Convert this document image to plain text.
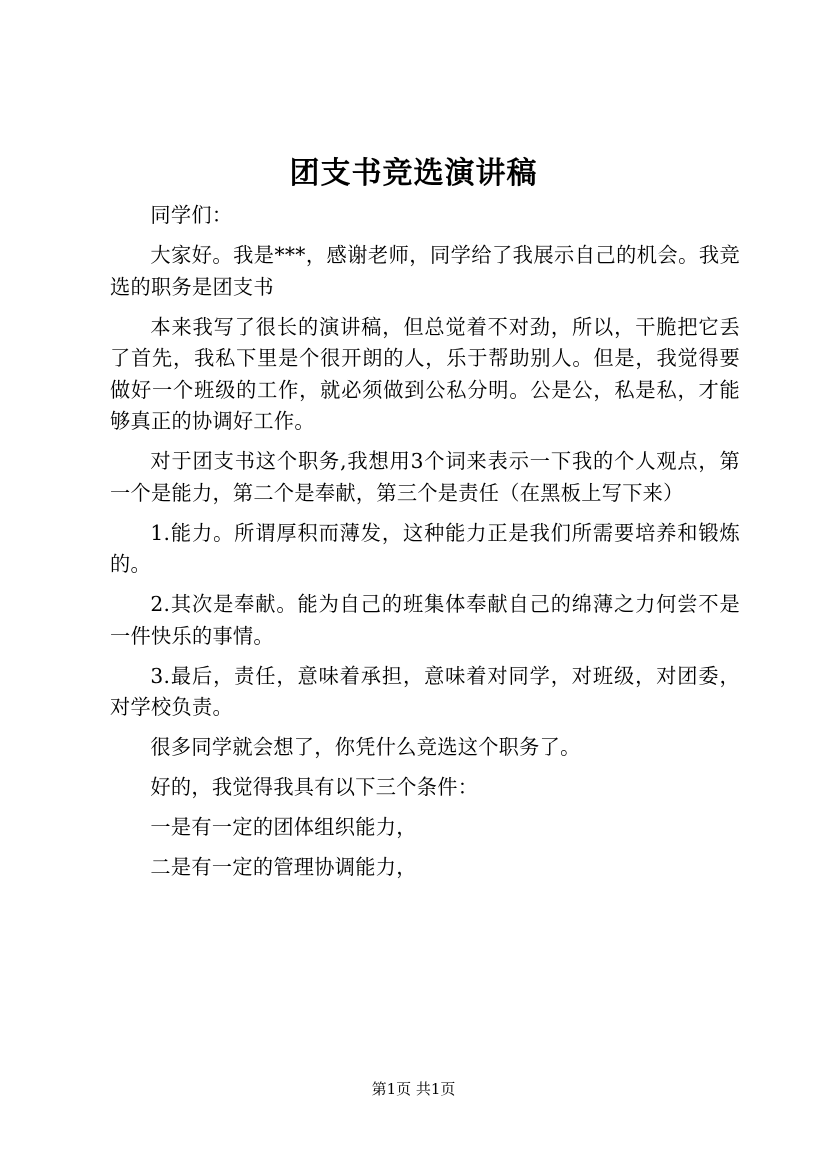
团支书竞选演讲稿

同学们：

大家好。我是***，感谢老师，同学给了我展示自己的机会。我竞选的职务是团支书

本来我写了很长的演讲稿，但总觉着不对劲，所以，干脆把它丢了首先，我私下里是个很开朗的人，乐于帮助别人。但是，我觉得要做好一个班级的工作，就必须做到公私分明。公是公，私是私，才能够真正的协调好工作。

对于团支书这个职务,我想用3个词来表示一下我的个人观点，第一个是能力，第二个是奉献，第三个是责任（在黑板上写下来）

1.能力。所谓厚积而薄发，这种能力正是我们所需要培养和锻炼的。

2.其次是奉献。能为自己的班集体奉献自己的绵薄之力何尝不是一件快乐的事情。

3.最后，责任，意味着承担，意味着对同学，对班级，对团委，对学校负责。

很多同学就会想了，你凭什么竞选这个职务了。

好的，我觉得我具有以下三个条件：

一是有一定的团体组织能力，

二是有一定的管理协调能力，

第1页 共1页
